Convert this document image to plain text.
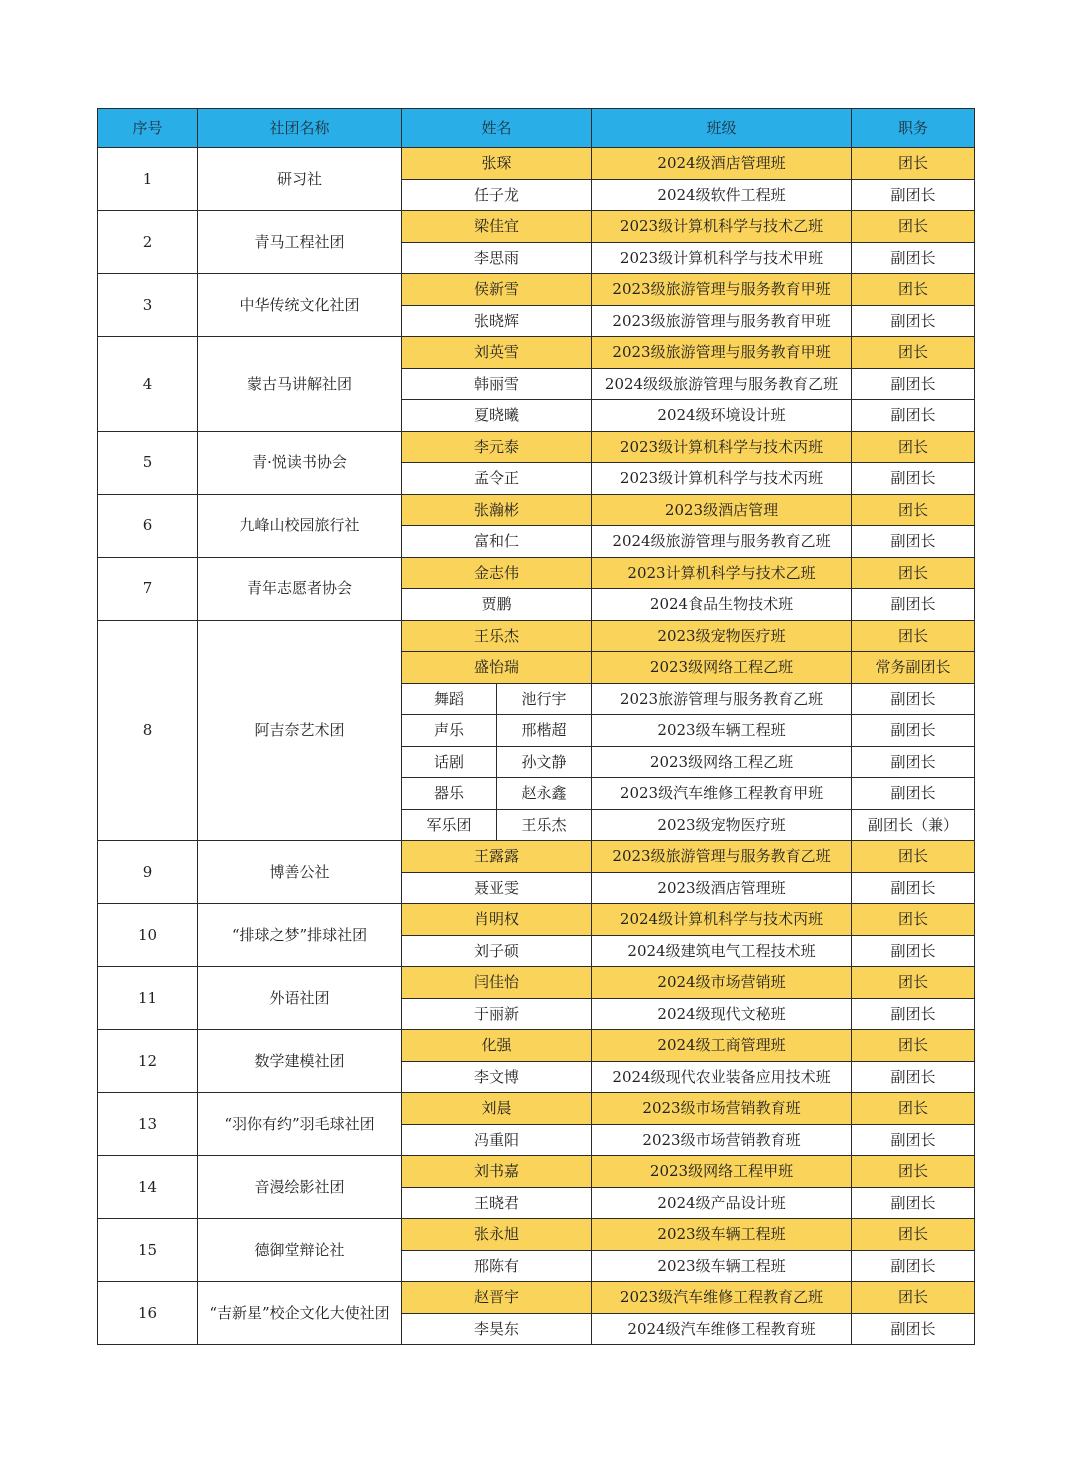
序号	社团名称	姓名		班级	职务
1	研习社	张琛		2024级酒店管理班	团长
		任子龙		2024级软件工程班	副团长
2	青马工程社团	梁佳宜		2023级计算机科学与技术乙班	团长
		李思雨		2023级计算机科学与技术甲班	副团长
3	中华传统文化社团	侯新雪		2023级旅游管理与服务教育甲班	团长
		张晓辉		2023级旅游管理与服务教育甲班	副团长
4	蒙古马讲解社团	刘英雪		2023级旅游管理与服务教育甲班	团长
		韩丽雪		2024级级旅游管理与服务教育乙班	副团长
		夏晓曦		2024级环境设计班	副团长
5	青·悦读书协会	李元泰		2023级计算机科学与技术丙班	团长
		孟令正		2023级计算机科学与技术丙班	副团长
6	九峰山校园旅行社	张瀚彬		2023级酒店管理	团长
		富和仁		2024级旅游管理与服务教育乙班	副团长
7	青年志愿者协会	金志伟		2023计算机科学与技术乙班	团长
		贾鹏		2024食品生物技术班	副团长
8	阿吉奈艺术团	王乐杰		2023级宠物医疗班	团长
		盛怡瑞		2023级网络工程乙班	常务副团长
		舞蹈	池行宇	2023旅游管理与服务教育乙班	副团长
		声乐	邢楷超	2023级车辆工程班	副团长
		话剧	孙文静	2023级网络工程乙班	副团长
		器乐	赵永鑫	2023级汽车维修工程教育甲班	副团长
		军乐团	王乐杰	2023级宠物医疗班	副团长（兼）
9	博善公社	王露露		2023级旅游管理与服务教育乙班	团长
		聂亚雯		2023级酒店管理班	副团长
10	“排球之梦”排球社团	肖明权		2024级计算机科学与技术丙班	团长
		刘子硕		2024级建筑电气工程技术班	副团长
11	外语社团	闫佳怡		2024级市场营销班	团长
		于丽新		2024级现代文秘班	副团长
12	数学建模社团	化强		2024级工商管理班	团长
		李文博		2024级现代农业装备应用技术班	副团长
13	“羽你有约”羽毛球社团	刘晨		2023级市场营销教育班	团长
		冯重阳		2023级市场营销教育班	副团长
14	音漫绘影社团	刘书嘉		2023级网络工程甲班	团长
		王晓君		2024级产品设计班	副团长
15	德御堂辩论社	张永旭		2023级车辆工程班	团长
		邢陈有		2023级车辆工程班	副团长
16	“吉新星”校企文化大使社团	赵晋宇		2023级汽车维修工程教育乙班	团长
		李昊东		2024级汽车维修工程教育班	副团长
